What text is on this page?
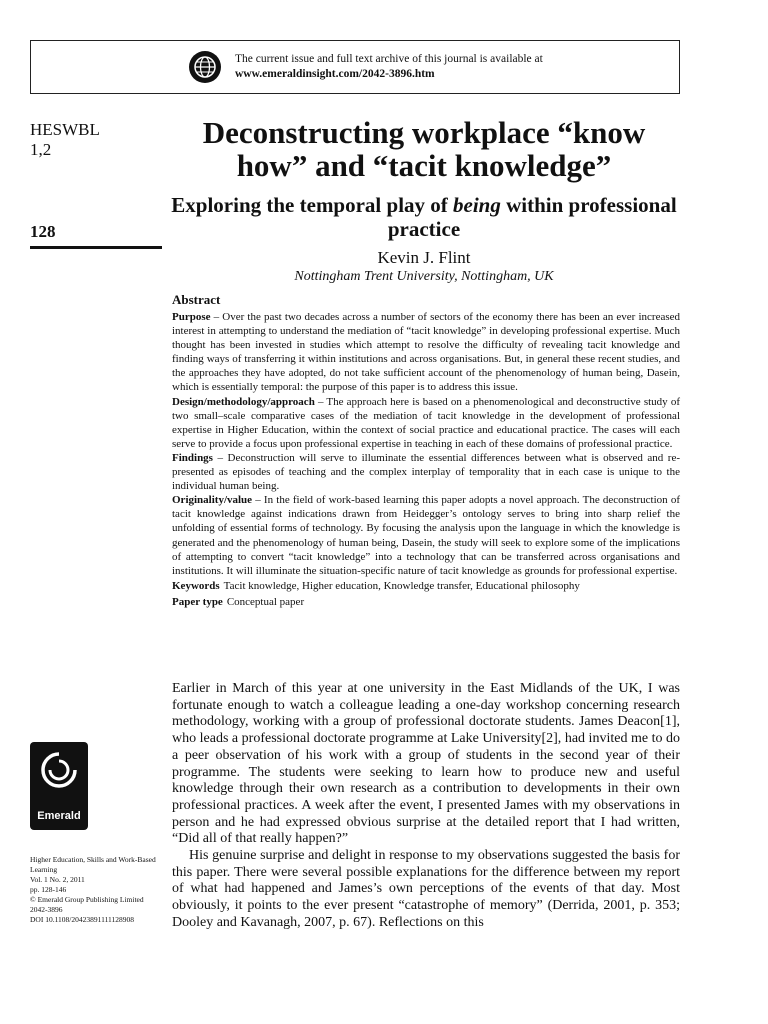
The current issue and full text archive of this journal is available at
www.emeraldinsight.com/2042-3896.htm
HESWBL
1,2
128
Deconstructing workplace “know how” and “tacit knowledge”
Exploring the temporal play of being within professional practice
Kevin J. Flint
Nottingham Trent University, Nottingham, UK
Abstract

Purpose – Over the past two decades across a number of sectors of the economy there has been an ever increased interest in attempting to understand the mediation of “tacit knowledge” in developing professional expertise. Much thought has been invested in studies which attempt to resolve the difficulty of revealing tacit knowledge and finding ways of transferring it within institutions and across organisations. But, in general these recent studies, and the approaches they have adopted, do not take sufficient account of the phenomenology of human being, Dasein, which is essentially temporal: the purpose of this paper is to address this issue.

Design/methodology/approach – The approach here is based on a phenomenological and deconstructive study of two small–scale comparative cases of the mediation of tacit knowledge in the development of professional expertise in Higher Education, within the context of social practice and educational practice. The cases will each serve to provide a focus upon professional expertise in teaching in each of these domains of professional practice.

Findings – Deconstruction will serve to illuminate the essential differences between what is observed and re-presented as episodes of teaching and the complex interplay of temporality that in each case is unique to the individual human being.

Originality/value – In the field of work-based learning this paper adopts a novel approach. The deconstruction of tacit knowledge against indications drawn from Heidegger’s ontology serves to bring into sharp relief the unfolding of essential forms of technology. By focusing the analysis upon the language in which the knowledge is generated and the phenomenology of human being, Dasein, the study will seek to explore some of the implications of attempting to convert “tacit knowledge” into a technology that can be transferred across organisations and institutions. It will illuminate the situation-specific nature of tacit knowledge as grounds for professional expertise.

Keywords Tacit knowledge, Higher education, Knowledge transfer, Educational philosophy

Paper type Conceptual paper

Earlier in March of this year at one university in the East Midlands of the UK, I was fortunate enough to watch a colleague leading a one-day workshop concerning research methodology, working with a group of professional doctorate students. James Deacon[1], who leads a professional doctorate programme at Lake University[2], had invited me to do a peer observation of his work with a group of students in the second year of their programme. The students were seeking to learn how to produce new and useful knowledge through their own research as a contribution to developments in their own professional practices. A week after the event, I presented James with my observations in person and he had expressed obvious surprise at the detailed report that I had written, “Did all of that really happen?”

His genuine surprise and delight in response to my observations suggested the basis for this paper. There were several possible explanations for the difference between my report of what had happened and James’s own perceptions of the events of that day. Most obviously, it points to the ever present “catastrophe of memory” (Derrida, 2001, p. 353; Dooley and Kavanagh, 2007, p. 67). Reflections on this

Emerald
Higher Education, Skills and Work-Based Learning
Vol. 1 No. 2, 2011
pp. 128-146
© Emerald Group Publishing Limited
2042-3896
DOI 10.1108/20423891111128908
